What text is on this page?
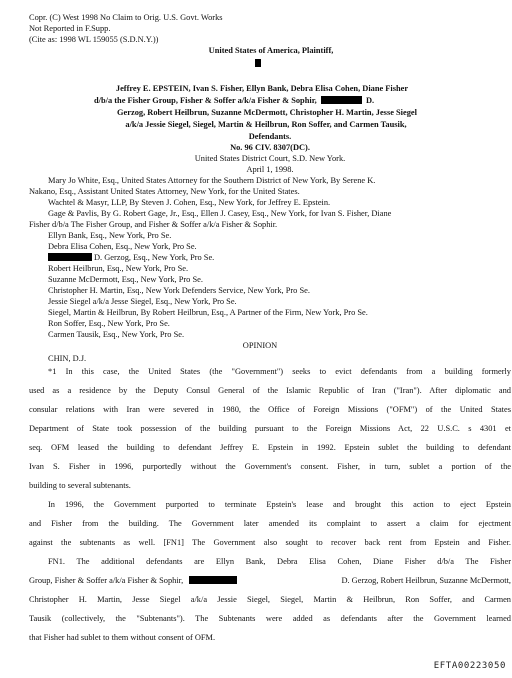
Copr. (C) West 1998 No Claim to Orig. U.S. Govt. Works
Not Reported in F.Supp.
(Cite as: 1998 WL 159055 (S.D.N.Y.))
United States of America, Plaintiff,
Jeffrey E. EPSTEIN, Ivan S. Fisher, Ellyn Bank, Debra Elisa Cohen, Diane Fisher
d/b/a the Fisher Group, Fisher & Soffer a/k/a Fisher & Sophir,	D.
Gerzog, Robert Heilbrun, Suzanne McDermott, Christopher H. Martin, Jesse Siegel
a/k/a Jessie Siegel, Siegel, Martin & Heilbrun, Ron Soffer, and Carmen Tausik,
Defendants.
No. 96 CIV. 8307(DC).
United States District Court, S.D. New York.
April 1, 1998.
Mary Jo White, Esq., United States Attorney for the Southern District of New York, By Serene K.
Nakano, Esq., Assistant United States Attorney, New York, for the United States.
Wachtel & Masyr, LLP, By Steven J. Cohen, Esq., New York, for Jeffrey E. Epstein.
Gage & Pavlis, By G. Robert Gage, Jr., Esq., Ellen J. Casey, Esq., New York, for Ivan S. Fisher, Diane
Fisher d/b/a The Fisher Group, and Fisher & Soffer a/k/a Fisher & Sophir.
Ellyn Bank, Esq., New York, Pro Se.
Debra Elisa Cohen, Esq., New York, Pro Se.
D. Gerzog, Esq., New York, Pro Se.
Robert Heilbrun, Esq., New York, Pro Se.
Suzanne McDermott, Esq., New York, Pro Se.
Christopher H. Martin, Esq., New York Defenders Service, New York, Pro Se.
Jessie Siegel a/k/a Jesse Siegel, Esq., New York, Pro Se.
Siegel, Martin & Heilbrun, By Robert Heilbrun, Esq., A Partner of the Firm, New York, Pro Se.
Ron Soffer, Esq., New York, Pro Se.
Carmen Tausik, Esq., New York, Pro Se.
OPINION
CHIN, D.J.
*1 In this case, the United States (the "Government") seeks to evict defendants from a building formerly
used as a residence by the Deputy Consul General of the Islamic Republic of Iran ("Iran"). After diplomatic and
consular relations with Iran were severed in 1980, the Office of Foreign Missions ("OFM") of the United States
Department of State took possession of the building pursuant to the Foreign Missions Act, 22 U.S.C. s 4301 et
seq. OFM leased the building to defendant Jeffrey E. Epstein in 1992. Epstein sublet the building to defendant
Ivan S. Fisher in 1996, purportedly without the Government's consent. Fisher, in turn, sublet a portion of the
building to several subtenants.
In 1996, the Government purported to terminate Epstein's lease and brought this action to eject Epstein
and Fisher from the building. The Government later amended its complaint to assert a claim for ejectment
against the subtenants as well. [FN1] The Government also sought to recover back rent from Epstein and Fisher.
FN1. The additional defendants are Ellyn Bank, Debra Elisa Cohen, Diane Fisher d/b/a The Fisher
Group, Fisher & Soffer a/k/a Fisher & Sophir,	D. Gerzog, Robert Heilbrun, Suzanne McDermott,
Christopher H. Martin, Jesse Siegel a/k/a Jessie Siegel, Siegel, Martin & Heilbrun, Ron Soffer, and Carmen
Tausik (collectively, the "Subtenants"). The Subtenants were added as defendants after the Government learned
that Fisher had sublet to them without consent of OFM.
EFTA00223050
